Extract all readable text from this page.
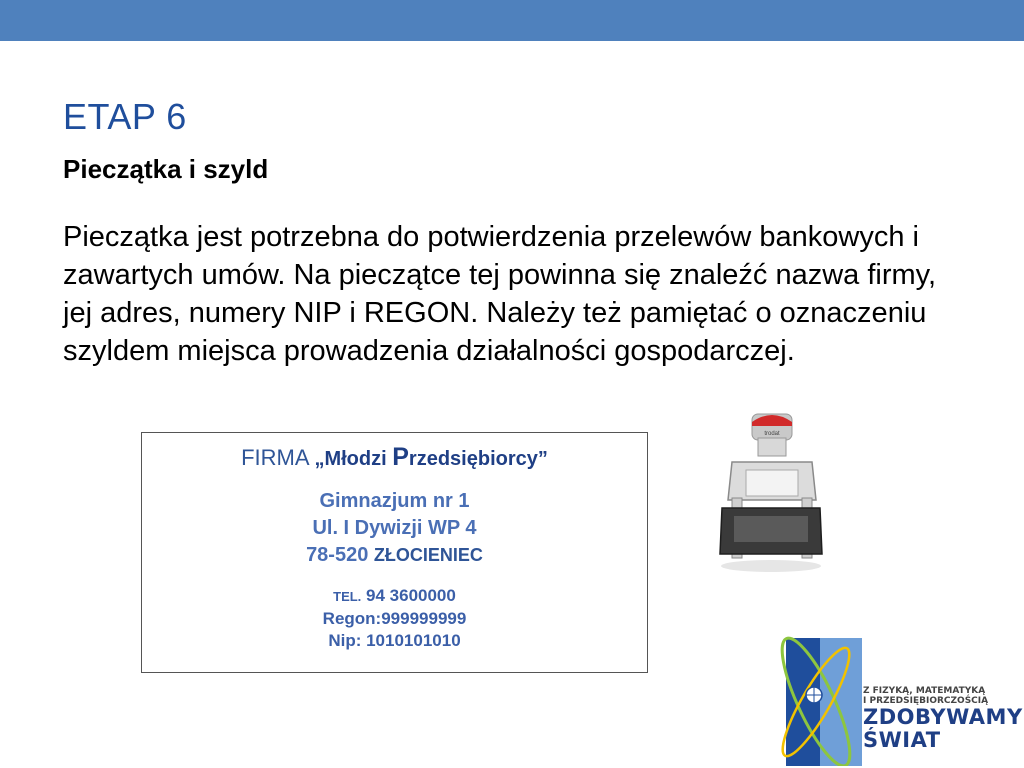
ETAP 6
Pieczątka i szyld
Pieczątka jest potrzebna do potwierdzenia przelewów bankowych i zawartych umów. Na pieczątce tej powinna się znaleźć nazwa firmy, jej adres, numery NIP i REGON. Należy też pamiętać o oznaczeniu szyldem miejsca prowadzenia działalności gospodarczej.
FIRMA „Młodzi Przedsiębiorcy”
Gimnazjum nr 1
Ul. I Dywizji WP 4
78-520 ZŁOCIENIEC
TEL. 94 3600000
Regon:999999999
Nip: 1010101010
trodat
Z FIZYKĄ, MATEMATYKĄ
I PRZEDSIĘBIORCZOŚCIĄ
ZDOBYWAMY
ŚWIAT
